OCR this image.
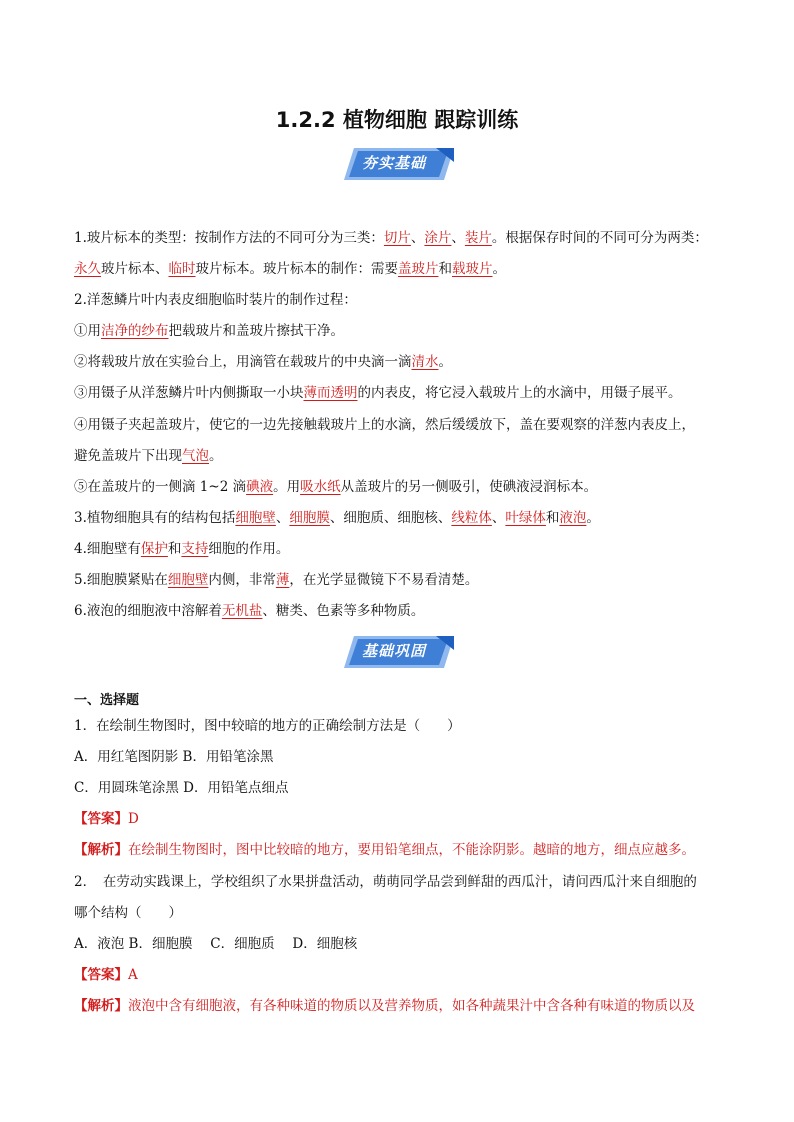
1.2.2 植物细胞 跟踪训练
夯实基础
1.玻片标本的类型：按制作方法的不同可分为三类：切片、涂片、装片。根据保存时间的不同可分为两类：
永久玻片标本、临时玻片标本。玻片标本的制作：需要盖玻片和载玻片。
2.洋葱鳞片叶内表皮细胞临时装片的制作过程：
①用洁净的纱布把载玻片和盖玻片擦拭干净。
②将载玻片放在实验台上，用滴管在载玻片的中央滴一滴清水。
③用镊子从洋葱鳞片叶内侧撕取一小块薄而透明的内表皮，将它浸入载玻片上的水滴中，用镊子展平。
④用镊子夹起盖玻片，使它的一边先接触载玻片上的水滴，然后缓缓放下，盖在要观察的洋葱内表皮上，
避免盖玻片下出现气泡。
⑤在盖玻片的一侧滴 1~2 滴碘液。用吸水纸从盖玻片的另一侧吸引，使碘液浸润标本。
3.植物细胞具有的结构包括细胞壁、细胞膜、细胞质、细胞核、线粒体、叶绿体和液泡。
4.细胞壁有保护和支持细胞的作用。
5.细胞膜紧贴在细胞壁内侧，非常薄，在光学显微镜下不易看清楚。
6.液泡的细胞液中溶解着无机盐、糖类、色素等多种物质。
基础巩固
一、选择题
1．在绘制生物图时，图中较暗的地方的正确绘制方法是（　　）
A．用红笔图阴影 B．用铅笔涂黑
C．用圆珠笔涂黑 D．用铅笔点细点
【答案】D
【解析】在绘制生物图时，图中比较暗的地方，要用铅笔细点，不能涂阴影。越暗的地方，细点应越多。
2．　在劳动实践课上，学校组织了水果拼盘活动，萌萌同学品尝到鲜甜的西瓜汁，请问西瓜汁来自细胞的
哪个结构（　　）
A．液泡 B．细胞膜　 C．细胞质　 D．细胞核
【答案】A
【解析】液泡中含有细胞液，有各种味道的物质以及营养物质，如各种蔬果汁中含各种有味道的物质以及
